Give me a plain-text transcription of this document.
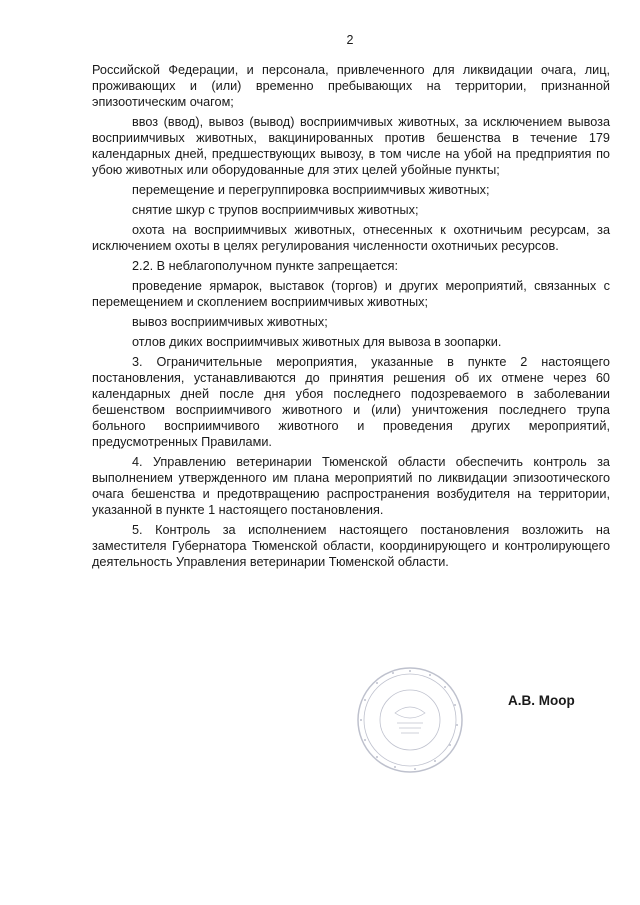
2

Российской Федерации, и персонала, привлеченного для ликвидации очага, лиц, проживающих и (или) временно пребывающих на территории, признанной эпизоотическим очагом;

ввоз (ввод), вывоз (вывод) восприимчивых животных, за исключением вывоза восприимчивых животных, вакцинированных против бешенства в течение 179 календарных дней, предшествующих вывозу, в том числе на убой на предприятия по убою животных или оборудованные для этих целей убойные пункты;

перемещение и перегруппировка восприимчивых животных;

снятие шкур с трупов восприимчивых животных;

охота на восприимчивых животных, отнесенных к охотничьим ресурсам, за исключением охоты в целях регулирования численности охотничьих ресурсов.

2.2. В неблагополучном пункте запрещается:

проведение ярмарок, выставок (торгов) и других мероприятий, связанных с перемещением и скоплением восприимчивых животных;

вывоз восприимчивых животных;

отлов диких восприимчивых животных для вывоза в зоопарки.

3. Ограничительные мероприятия, указанные в пункте 2 настоящего постановления, устанавливаются до принятия решения об их отмене через 60 календарных дней после дня убоя последнего подозреваемого в заболевании бешенством восприимчивого животного и (или) уничтожения последнего трупа больного восприимчивого животного и проведения других мероприятий, предусмотренных Правилами.

4. Управлению ветеринарии Тюменской области обеспечить контроль за выполнением утвержденного им плана мероприятий по ликвидации эпизоотического очага бешенства и предотвращению распространения возбудителя на территории, указанной в пункте 1 настоящего постановления.

5. Контроль за исполнением настоящего постановления возложить на заместителя Губернатора Тюменской области, координирующего и контролирующего деятельность Управления ветеринарии Тюменской области.

А.В. Моор
